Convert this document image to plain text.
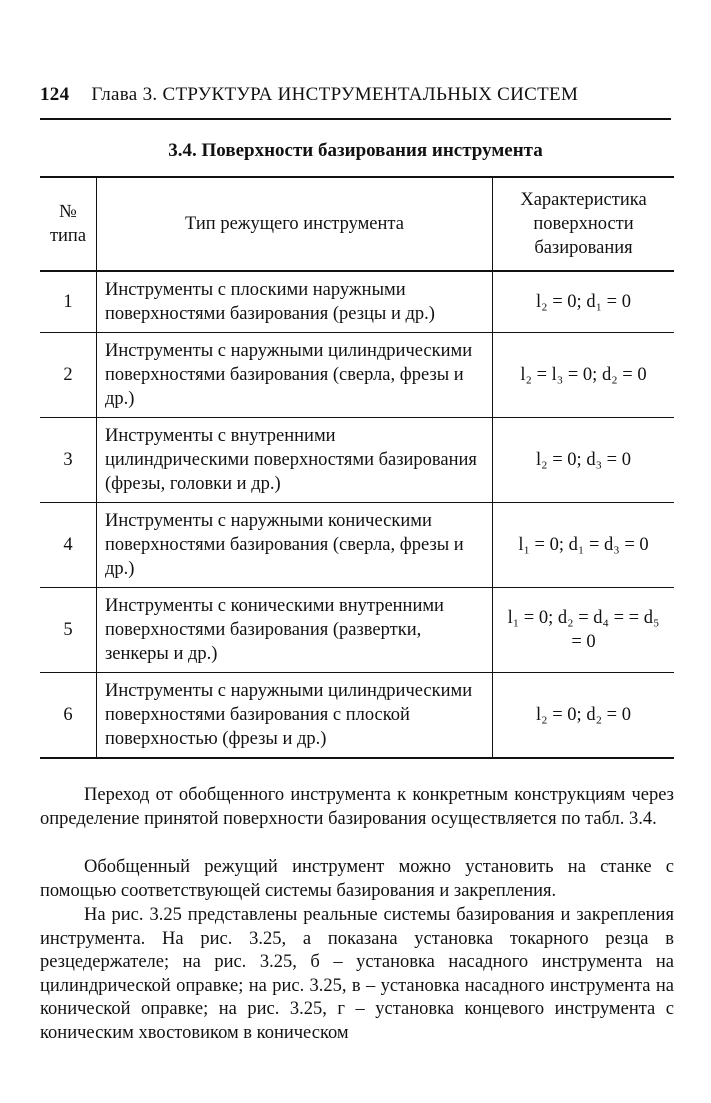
124 Глава 3. СТРУКТУРА ИНСТРУМЕНТАЛЬНЫХ СИСТЕМ
3.4. Поверхности базирования инструмента
№ типа	Тип режущего инструмента	Характеристика поверхности базирования
1	Инструменты с плоскими наружными поверхностями базирования (резцы и др.)	l₂ = 0; d₁ = 0
2	Инструменты с наружными цилиндрическими поверхностями базирования (сверла, фрезы и др.)	l₂ = l₃ = 0; d₂ = 0
3	Инструменты с внутренними цилиндрическими поверхностями базирования (фрезы, головки и др.)	l₂ = 0; d₃ = 0
4	Инструменты с наружными коническими поверхностями базирования (сверла, фрезы и др.)	l₁ = 0; d₁ = d₃ = 0
5	Инструменты с коническими внутренними поверхностями базирования (развертки, зенкеры и др.)	l₁ = 0; d₂ = d₄ = = d₅ = 0
6	Инструменты с наружными цилиндрическими поверхностями базирования с плоской поверхностью (фрезы и др.)	l₂ = 0; d₂ = 0

Переход от обобщенного инструмента к конкретным конструкциям через определение принятой поверхности базирования осуществляется по табл. 3.4.

Обобщенный режущий инструмент можно установить на станке с помощью соответствующей системы базирования и закрепления.

На рис. 3.25 представлены реальные системы базирования и закрепления инструмента. На рис. 3.25, а показана установка токарного резца в резцедержателе; на рис. 3.25, б – установка насадного инструмента на цилиндрической оправке; на рис. 3.25, в – установка насадного инструмента на конической оправке; на рис. 3.25, г – установка концевого инструмента с коническим хвостовиком в коническом
